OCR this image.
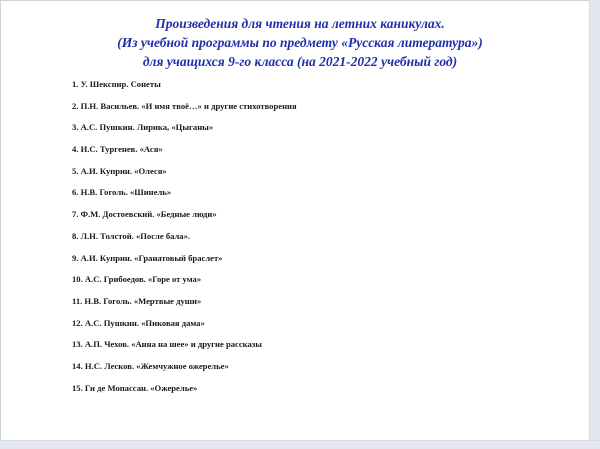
Произведения для чтения на летних каникулах.
(Из учебной программы по предмету «Русская литература»)
для учащихся 9-го класса (на 2021-2022 учебный год)
1. У. Шекспир. Сонеты
2. П.Н. Васильев. «И имя твоё…» и другие стихотворения
3. А.С. Пушкин. Лирика, «Цыганы»
4. И.С. Тургенев. «Ася»
5. А.И. Куприн. «Олеся»
6. Н.В. Гоголь. «Шинель»
7. Ф.М. Достоевский. «Бедные люди»
8. Л.Н. Толстой. «После бала».
9. А.И. Куприн. «Гранатовый браслет»
10. А.С. Грибоедов. «Горе от ума»
11. Н.В. Гоголь. «Мертвые души»
12. А.С. Пушкин. «Пиковая дама»
13. А.П. Чехов. «Анна на шее» и другие рассказы
14. Н.С. Лесков. «Жемчужное ожерелье»
15. Ги де Мопассан. «Ожерелье»
